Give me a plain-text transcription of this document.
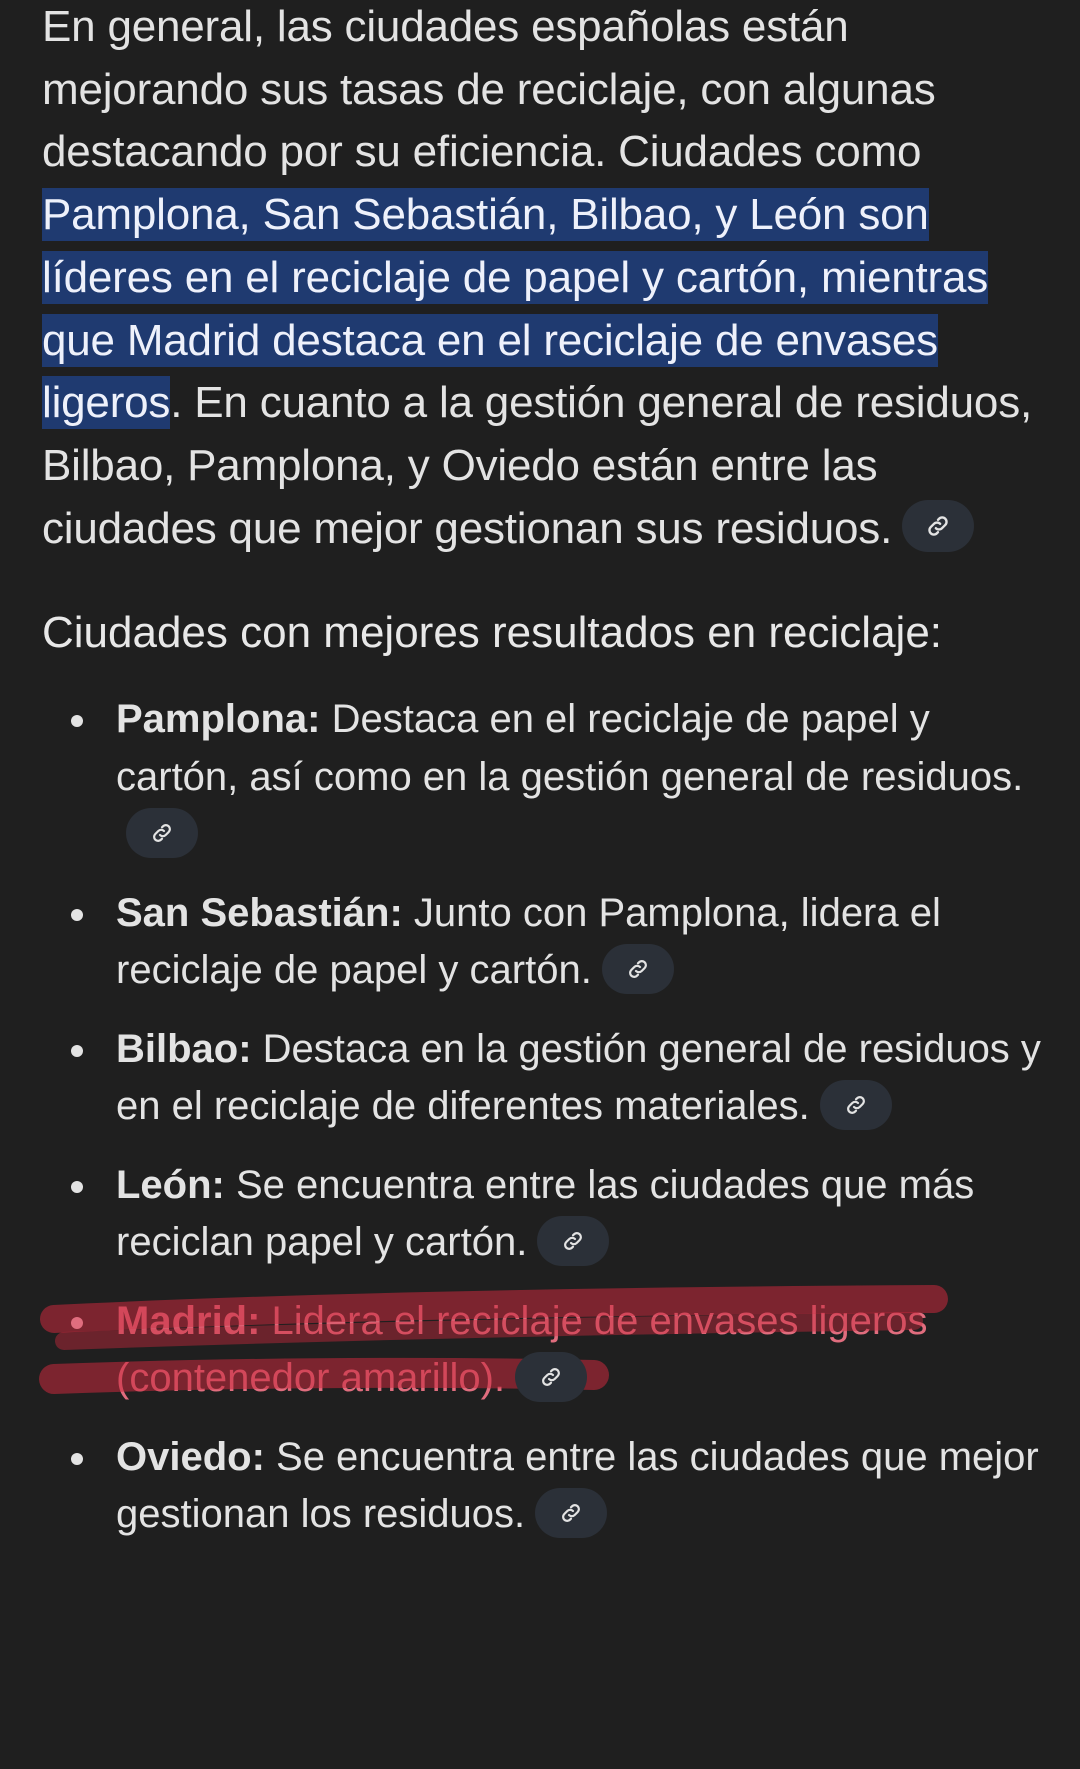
En general, las ciudades españolas están mejorando sus tasas de reciclaje, con algunas destacando por su eficiencia. Ciudades como Pamplona, San Sebastián, Bilbao, y León son líderes en el reciclaje de papel y cartón, mientras que Madrid destaca en el reciclaje de envases ligeros. En cuanto a la gestión general de residuos, Bilbao, Pamplona, y Oviedo están entre las ciudades que mejor gestionan sus residuos.

Ciudades con mejores resultados en reciclaje:
Pamplona: Destaca en el reciclaje de papel y cartón, así como en la gestión general de residuos.
San Sebastián: Junto con Pamplona, lidera el reciclaje de papel y cartón.
Bilbao: Destaca en la gestión general de residuos y en el reciclaje de diferentes materiales.
León: Se encuentra entre las ciudades que más reciclan papel y cartón.
Madrid: Lidera el reciclaje de envases ligeros (contenedor amarillo).
Oviedo: Se encuentra entre las ciudades que mejor gestionan los residuos.
